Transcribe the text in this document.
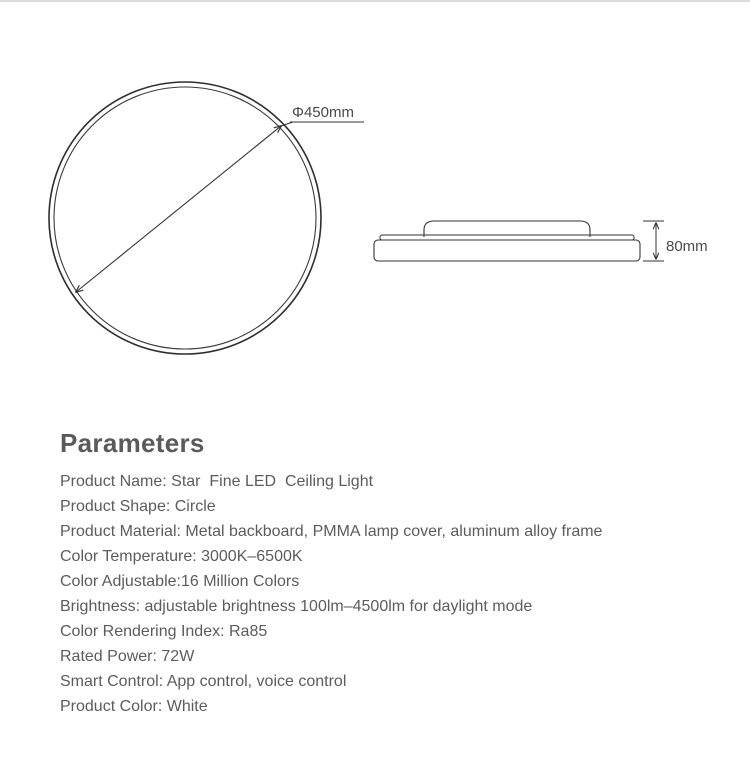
Φ450mm
80mm
Parameters
Product Name: Star  Fine LED  Ceiling Light
Product Shape: Circle
Product Material: Metal backboard, PMMA lamp cover, aluminum alloy frame
Color Temperature: 3000K–6500K
Color Adjustable:16 Million Colors
Brightness: adjustable brightness 100lm–4500lm for daylight mode
Color Rendering Index: Ra85
Rated Power: 72W
Smart Control: App control, voice control
Product Color: White
